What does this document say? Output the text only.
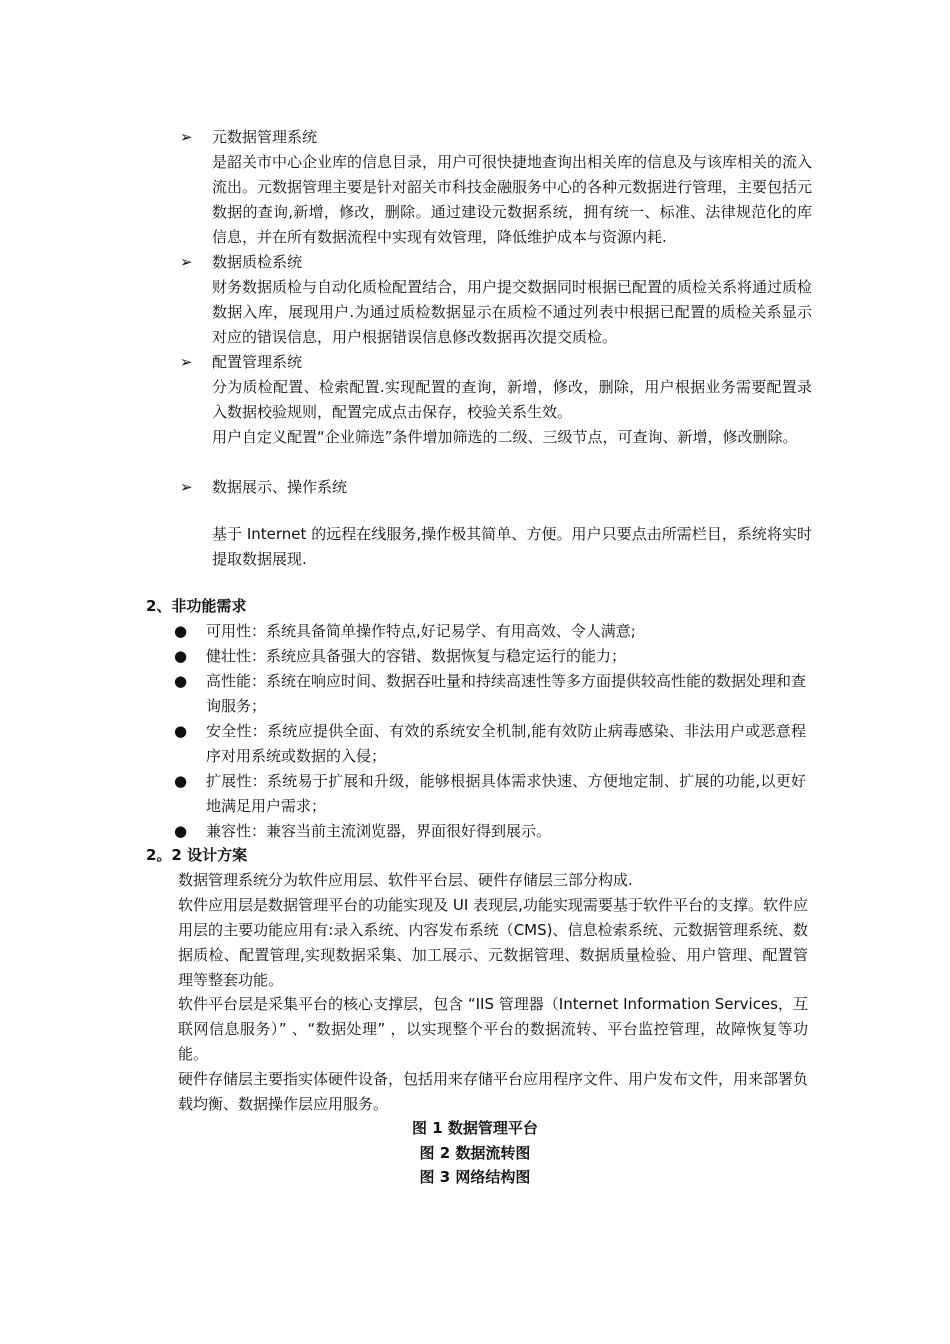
➢ 元数据管理系统
是韶关市中心企业库的信息目录，用户可很快捷地查询出相关库的信息及与该库相关的流入流出。元数据管理主要是针对韶关市科技金融服务中心的各种元数据进行管理，主要包括元数据的查询,新增，修改，删除。通过建设元数据系统，拥有统一、标准、法律规范化的库信息，并在所有数据流程中实现有效管理，降低维护成本与资源内耗.
➢ 数据质检系统
财务数据质检与自动化质检配置结合，用户提交数据同时根据已配置的质检关系将通过质检数据入库，展现用户.为通过质检数据显示在质检不通过列表中根据已配置的质检关系显示对应的错误信息，用户根据错误信息修改数据再次提交质检。
➢ 配置管理系统
分为质检配置、检索配置.实现配置的查询，新增，修改，删除，用户根据业务需要配置录入数据校验规则，配置完成点击保存，校验关系生效。
用户自定义配置“企业筛选”条件增加筛选的二级、三级节点，可查询、新增，修改删除。
➢ 数据展示、操作系统
基于 Internet 的远程在线服务,操作极其简单、方便。用户只要点击所需栏目，系统将实时提取数据展现.
2、非功能需求
● 可用性：系统具备简单操作特点,好记易学、有用高效、令人满意;
● 健壮性：系统应具备强大的容错、数据恢复与稳定运行的能力；
● 高性能：系统在响应时间、数据吞吐量和持续高速性等多方面提供较高性能的数据处理和查询服务；
● 安全性：系统应提供全面、有效的系统安全机制,能有效防止病毒感染、非法用户或恶意程序对用系统或数据的入侵；
● 扩展性：系统易于扩展和升级，能够根据具体需求快速、方便地定制、扩展的功能,以更好地满足用户需求；
● 兼容性：兼容当前主流浏览器，界面很好得到展示。
2。2 设计方案
数据管理系统分为软件应用层、软件平台层、硬件存储层三部分构成.
软件应用层是数据管理平台的功能实现及 UI 表现层,功能实现需要基于软件平台的支撑。软件应用层的主要功能应用有:录入系统、内容发布系统（CMS)、信息检索系统、元数据管理系统、数据质检、配置管理,实现数据采集、加工展示、元数据管理、数据质量检验、用户管理、配置管理等整套功能。
软件平台层是采集平台的核心支撑层，包含 “IIS 管理器（Internet Information Services，互联网信息服务）” 、“数据处理” ，以实现整个平台的数据流转、平台监控管理，故障恢复等功能。
硬件存储层主要指实体硬件设备，包括用来存储平台应用程序文件、用户发布文件，用来部署负载均衡、数据操作层应用服务。
图 1 数据管理平台
图 2 数据流转图
图 3 网络结构图
